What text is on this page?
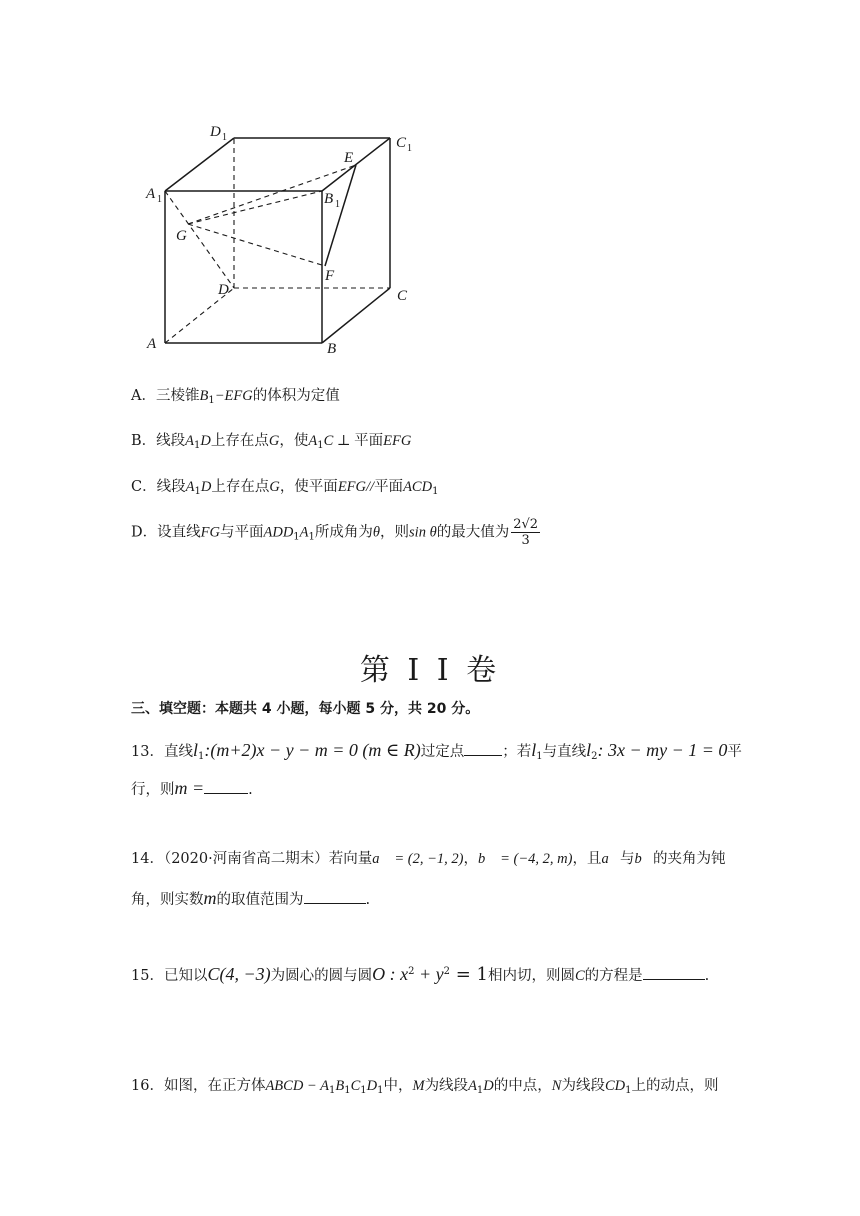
A	B
C
D
A 1	B 1
C 1
D 1
E
F
G
A．三棱锥$B_1-EFG$的体积为定值
B．线段$A_1D$上存在点G，使$A_1C$ ⊥ 平面EFG
C．线段$A_1D$上存在点G，使平面EFG//平面$ACD_1$
D．设直线FG与平面$ADD_1A_1$所成角为θ，则sin θ的最大值为 $\frac{2√2}{3}$
第 I I 卷
三、填空题：本题共 4 小题，每小题 5 分，共 20 分。
13．直线$l_1:(m+2)x - y - m = 0$ (m ∈ R)过定点	；若$l_1$与直线$l_2$: 3x − my − 1 = 0平
行，则m =	.
14．（2020·河南省高二期末）若向量a⃗ = (2, −1, 2)，b⃗ = (−4, 2, m)，且a⃗与b⃗的夹角为钝
角，则实数m的取值范围为	.
15．已知以C(4, −3)为圆心的圆与圆O : $x^2 + y^2 = 1$相内切，则圆C的方程是	.
16．如图，在正方体ABCD − $A_1B_1C_1D_1$中，M为线段$A_1D$的中点，N为线段$CD_1$上的动点，则
